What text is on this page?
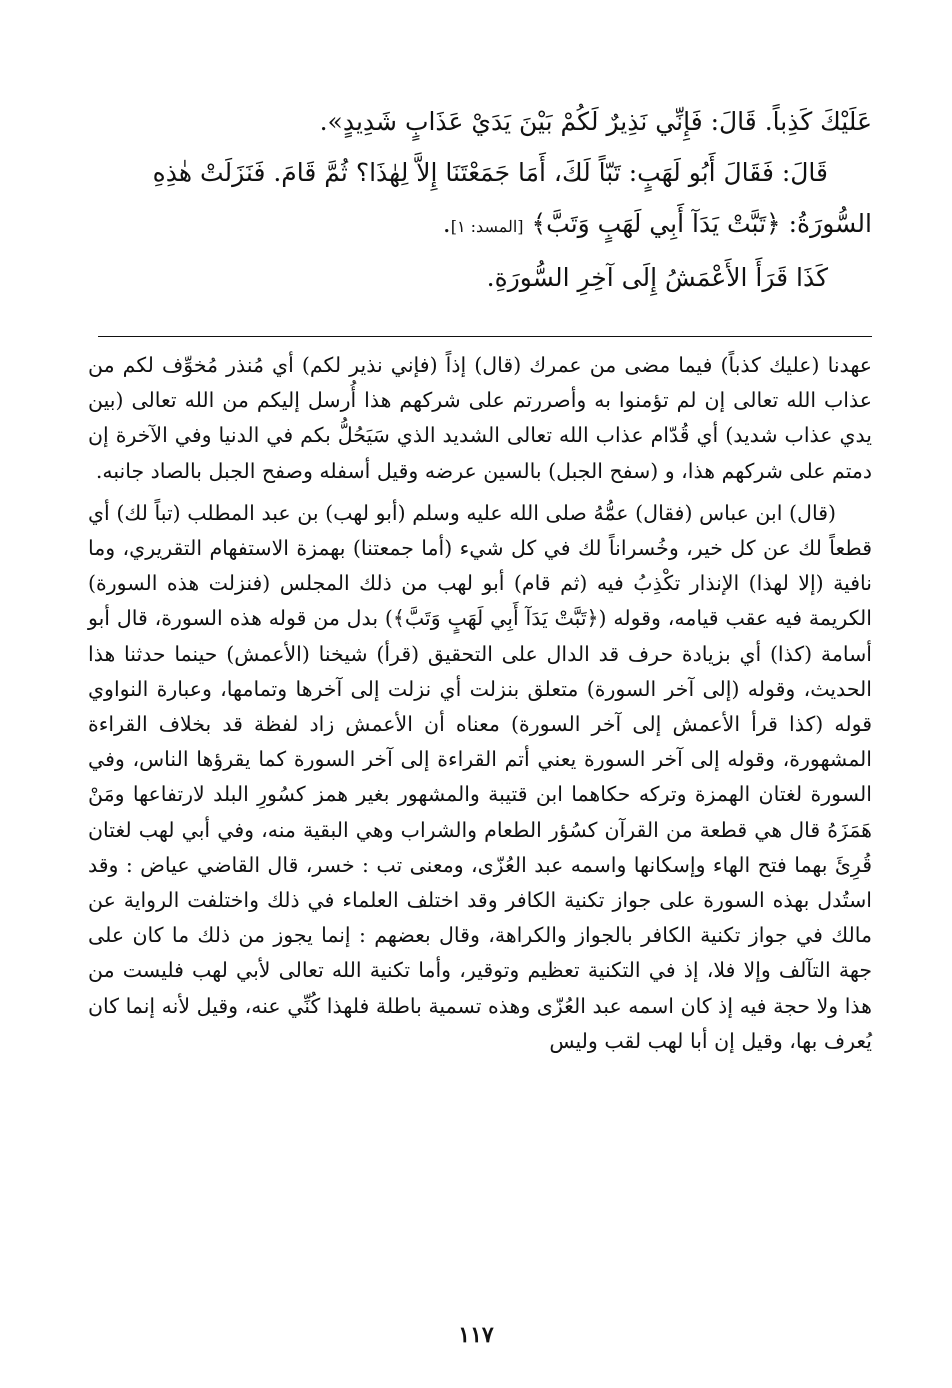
عَلَيْكَ كَذِباً. قَالَ: فَإِنِّي نَذِيرٌ لَكُمْ بَيْنَ يَدَيْ عَذَابٍ شَدِيدٍ».

قَالَ: فَقَالَ أَبُو لَهَبٍ: تَبّاً لَكَ، أَمَا جَمَعْتَنَا إِلاَّ لِهٰذَا؟ ثُمَّ قَامَ. فَنَزَلَتْ هٰذِهِ

السُّورَةُ: ﴿تَبَّتْ يَدَآ أَبِي لَهَبٍ وَتَبَّ﴾ [المسد: ١].

كَذَا قَرَأَ الأَعْمَشُ إِلَى آخِرِ السُّورَةِ.

عهدنا (عليك كذباً) فيما مضى من عمرك (قال) إذاً (فإني نذير لكم) أي مُنذر مُخوِّف لكم من عذاب الله تعالى إن لم تؤمنوا به وأصررتم على شركهم هذا أُرسل إليكم من الله تعالى (بين يدي عذاب شديد) أي قُدّام عذاب الله تعالى الشديد الذي سَيَحُلُّ بكم في الدنيا وفي الآخرة إن دمتم على شركهم هذا، و (سفح الجبل) بالسين عرضه وقيل أسفله وصفح الجبل بالصاد جانبه.

(قال) ابن عباس (فقال) عمُّهُ صلى الله عليه وسلم (أبو لهب) بن عبد المطلب (تباً لك) أي قطعاً لك عن كل خير، وخُسراناً لك في كل شيء (أما جمعتنا) بهمزة الاستفهام التقريري، وما نافية (إلا لهذا) الإنذار تكْذِبُ فيه (ثم قام) أبو لهب من ذلك المجلس (فنزلت هذه السورة) الكريمة فيه عقب قيامه، وقوله (﴿تَبَّتْ يَدَآ أَبِي لَهَبٍ وَتَبَّ﴾) بدل من قوله هذه السورة، قال أبو أسامة (كذا) أي بزيادة حرف قد الدال على التحقيق (قرأ) شيخنا (الأعمش) حينما حدثنا هذا الحديث، وقوله (إلى آخر السورة) متعلق بنزلت أي نزلت إلى آخرها وتمامها، وعبارة النواوي قوله (كذا قرأ الأعمش إلى آخر السورة) معناه أن الأعمش زاد لفظة قد بخلاف القراءة المشهورة، وقوله إلى آخر السورة يعني أتم القراءة إلى آخر السورة كما يقرؤها الناس، وفي السورة لغتان الهمزة وتركه حكاهما ابن قتيبة والمشهور بغير همز كسُورِ البلد لارتفاعها ومَنْ هَمَزَهُ قال هي قطعة من القرآن كسُؤر الطعام والشراب وهي البقية منه، وفي أبي لهب لغتان قُرِئَ بهما فتح الهاء وإسكانها واسمه عبد العُزّى، ومعنى تب : خسر، قال القاضي عياض : وقد استُدل بهذه السورة على جواز تكنية الكافر وقد اختلف العلماء في ذلك واختلفت الرواية عن مالك في جواز تكنية الكافر بالجواز والكراهة، وقال بعضهم : إنما يجوز من ذلك ما كان على جهة التآلف وإلا فلا، إذ في التكنية تعظيم وتوقير، وأما تكنية الله تعالى لأبي لهب فليست من هذا ولا حجة فيه إذ كان اسمه عبد العُزّى وهذه تسمية باطلة فلهذا كُنِّي عنه، وقيل لأنه إنما كان يُعرف بها، وقيل إن أبا لهب لقب وليس

١١٧
